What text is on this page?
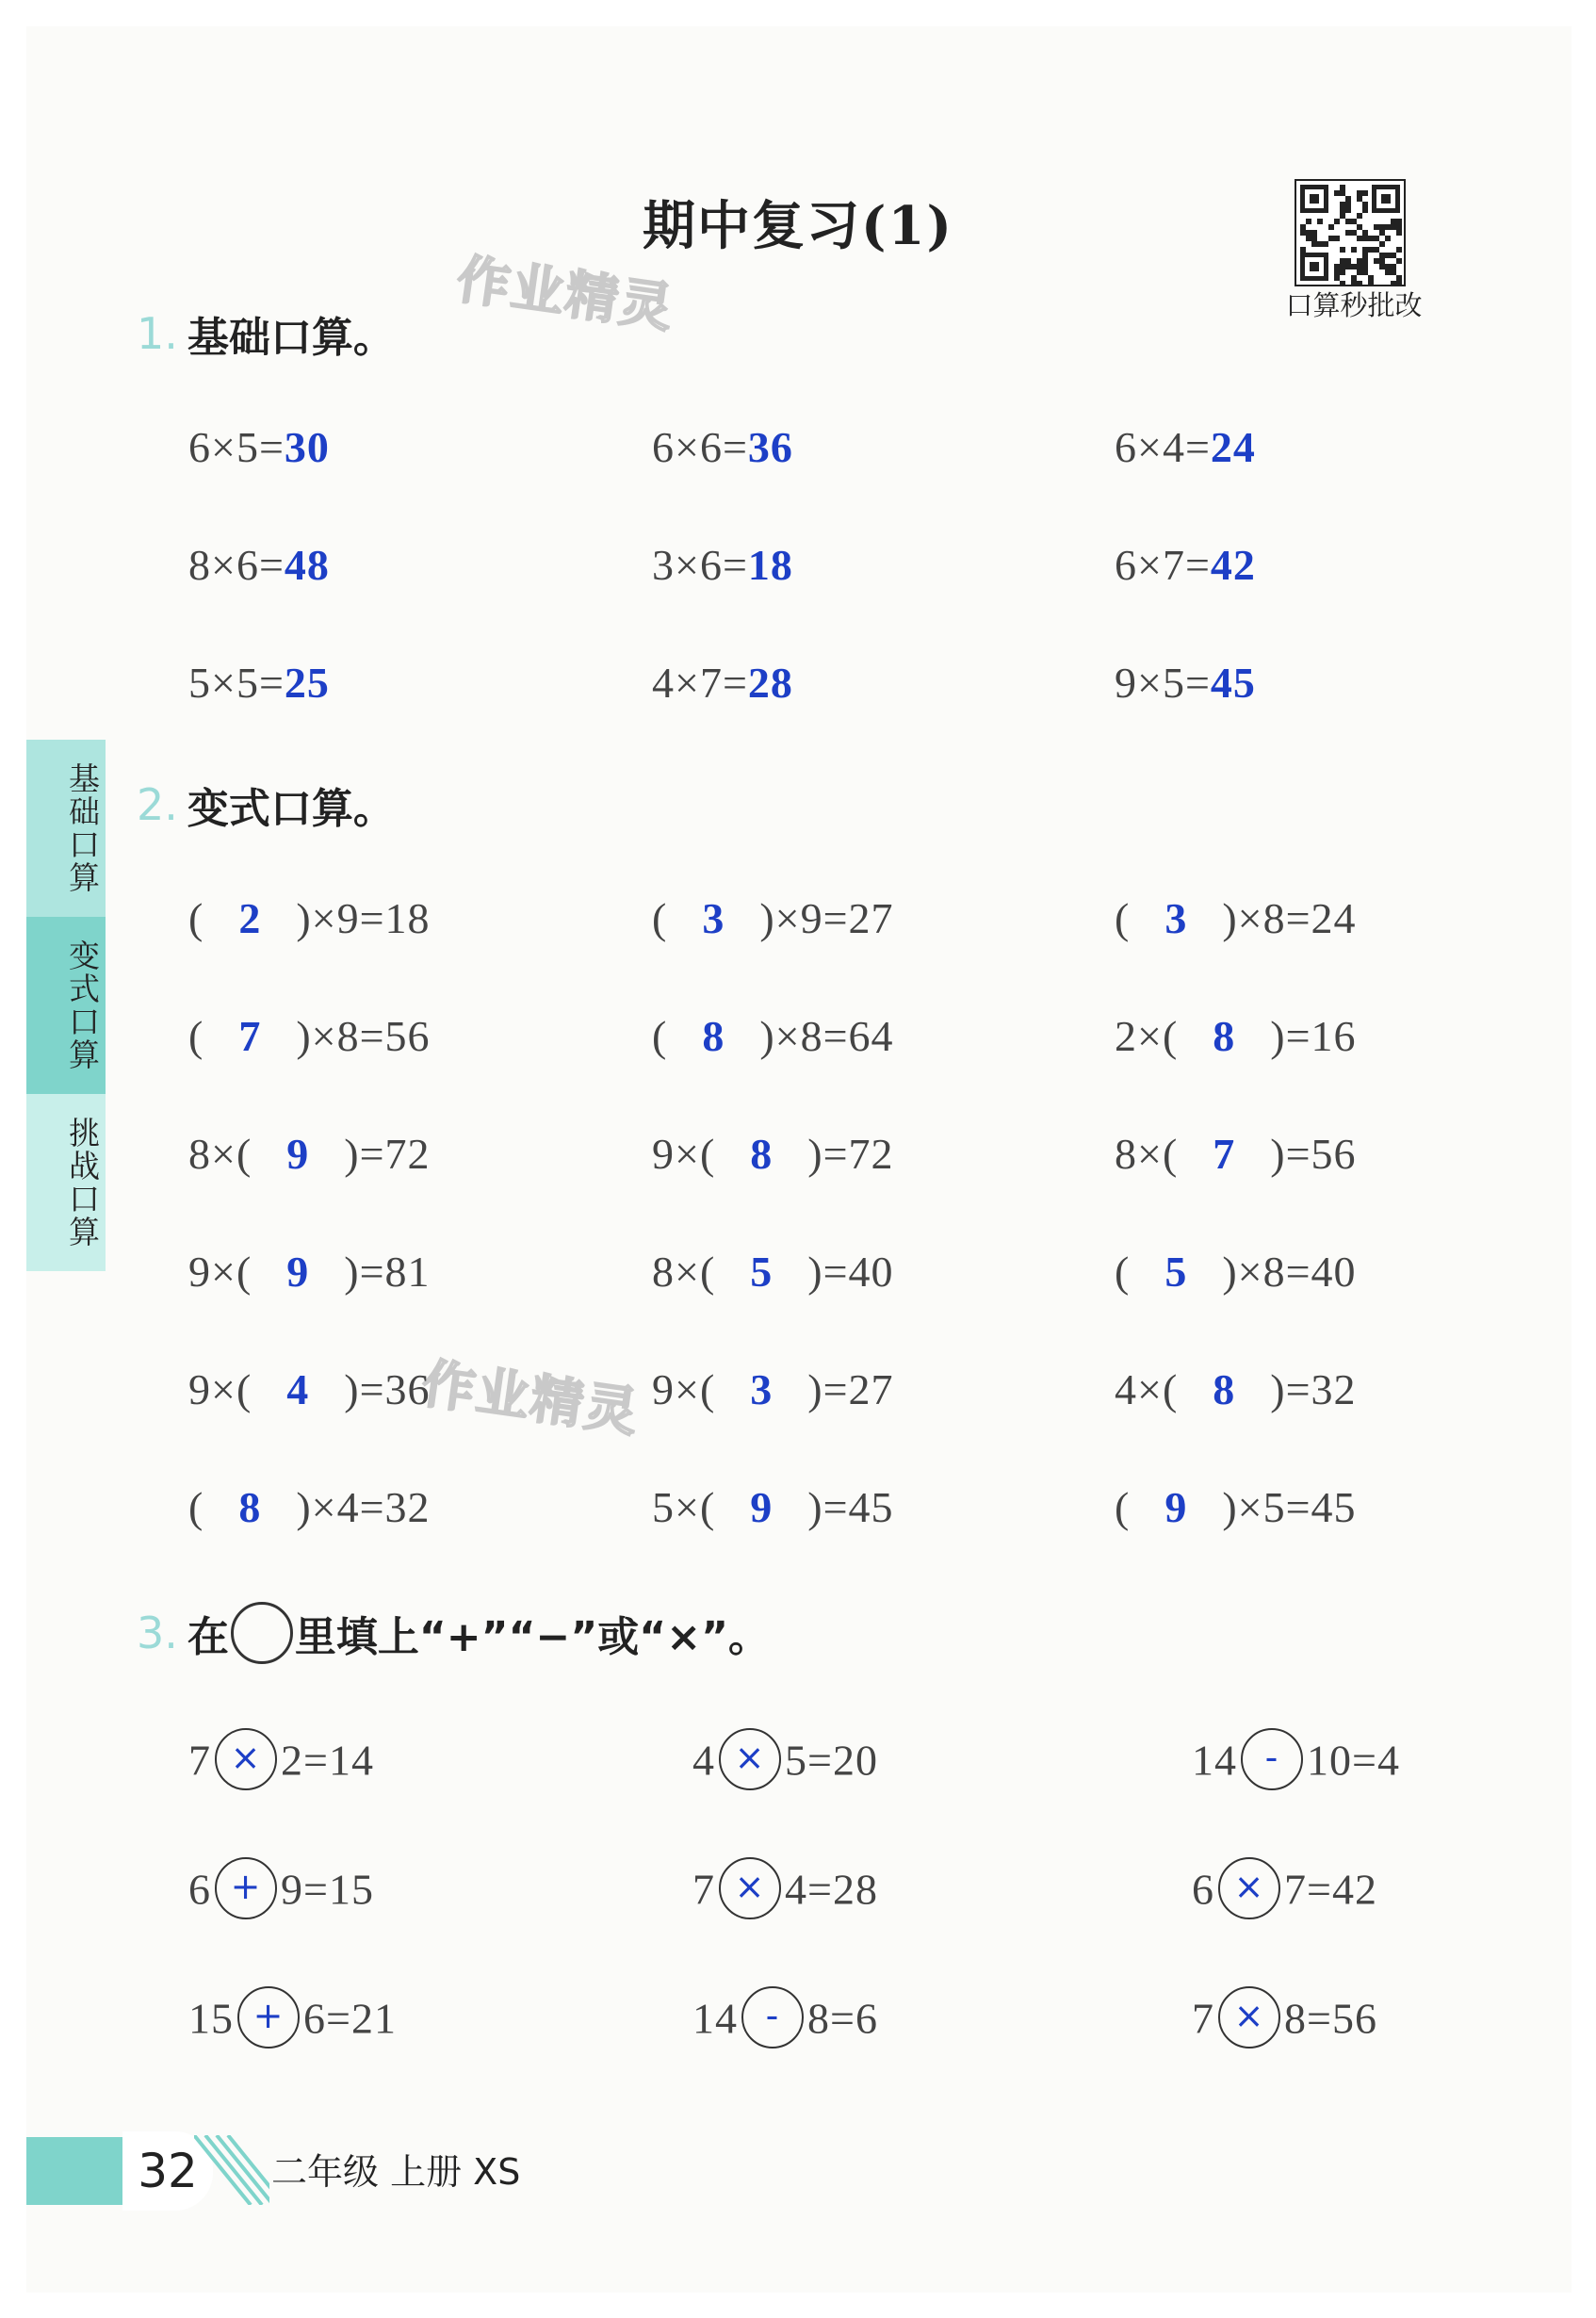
期中复习(1)
口算秒批改
作业精灵
作业精灵
1. 基础口算。
2. 变式口算。
3. 在 里填上“+”“−”或“×”。
6×5=30	6×6=36	6×4=24
8×6=48	3×6=18	6×7=42
5×5=25	4×7=28	9×5=45
( 2 )×9=18	( 3 )×9=27	( 3 )×8=24
( 7 )×8=56	( 8 )×8=64	2×( 8 )=16
8×( 9 )=72	9×( 8 )=72	8×( 7 )=56
9×( 9 )=81	8×( 5 )=40	( 5 )×8=40
9×( 4 )=36	9×( 3 )=27	4×( 8 )=32
( 8 )×4=32	5×( 9 )=45	( 9 )×5=45
7 × 2=14	4 × 5=20	14 - 10=4
6 + 9=15	7 × 4=28	6 × 7=42
15 + 6=21	14 - 8=6	7 × 8=56
基础口算
变式口算
挑战口算
32 二年级 上册 XS
